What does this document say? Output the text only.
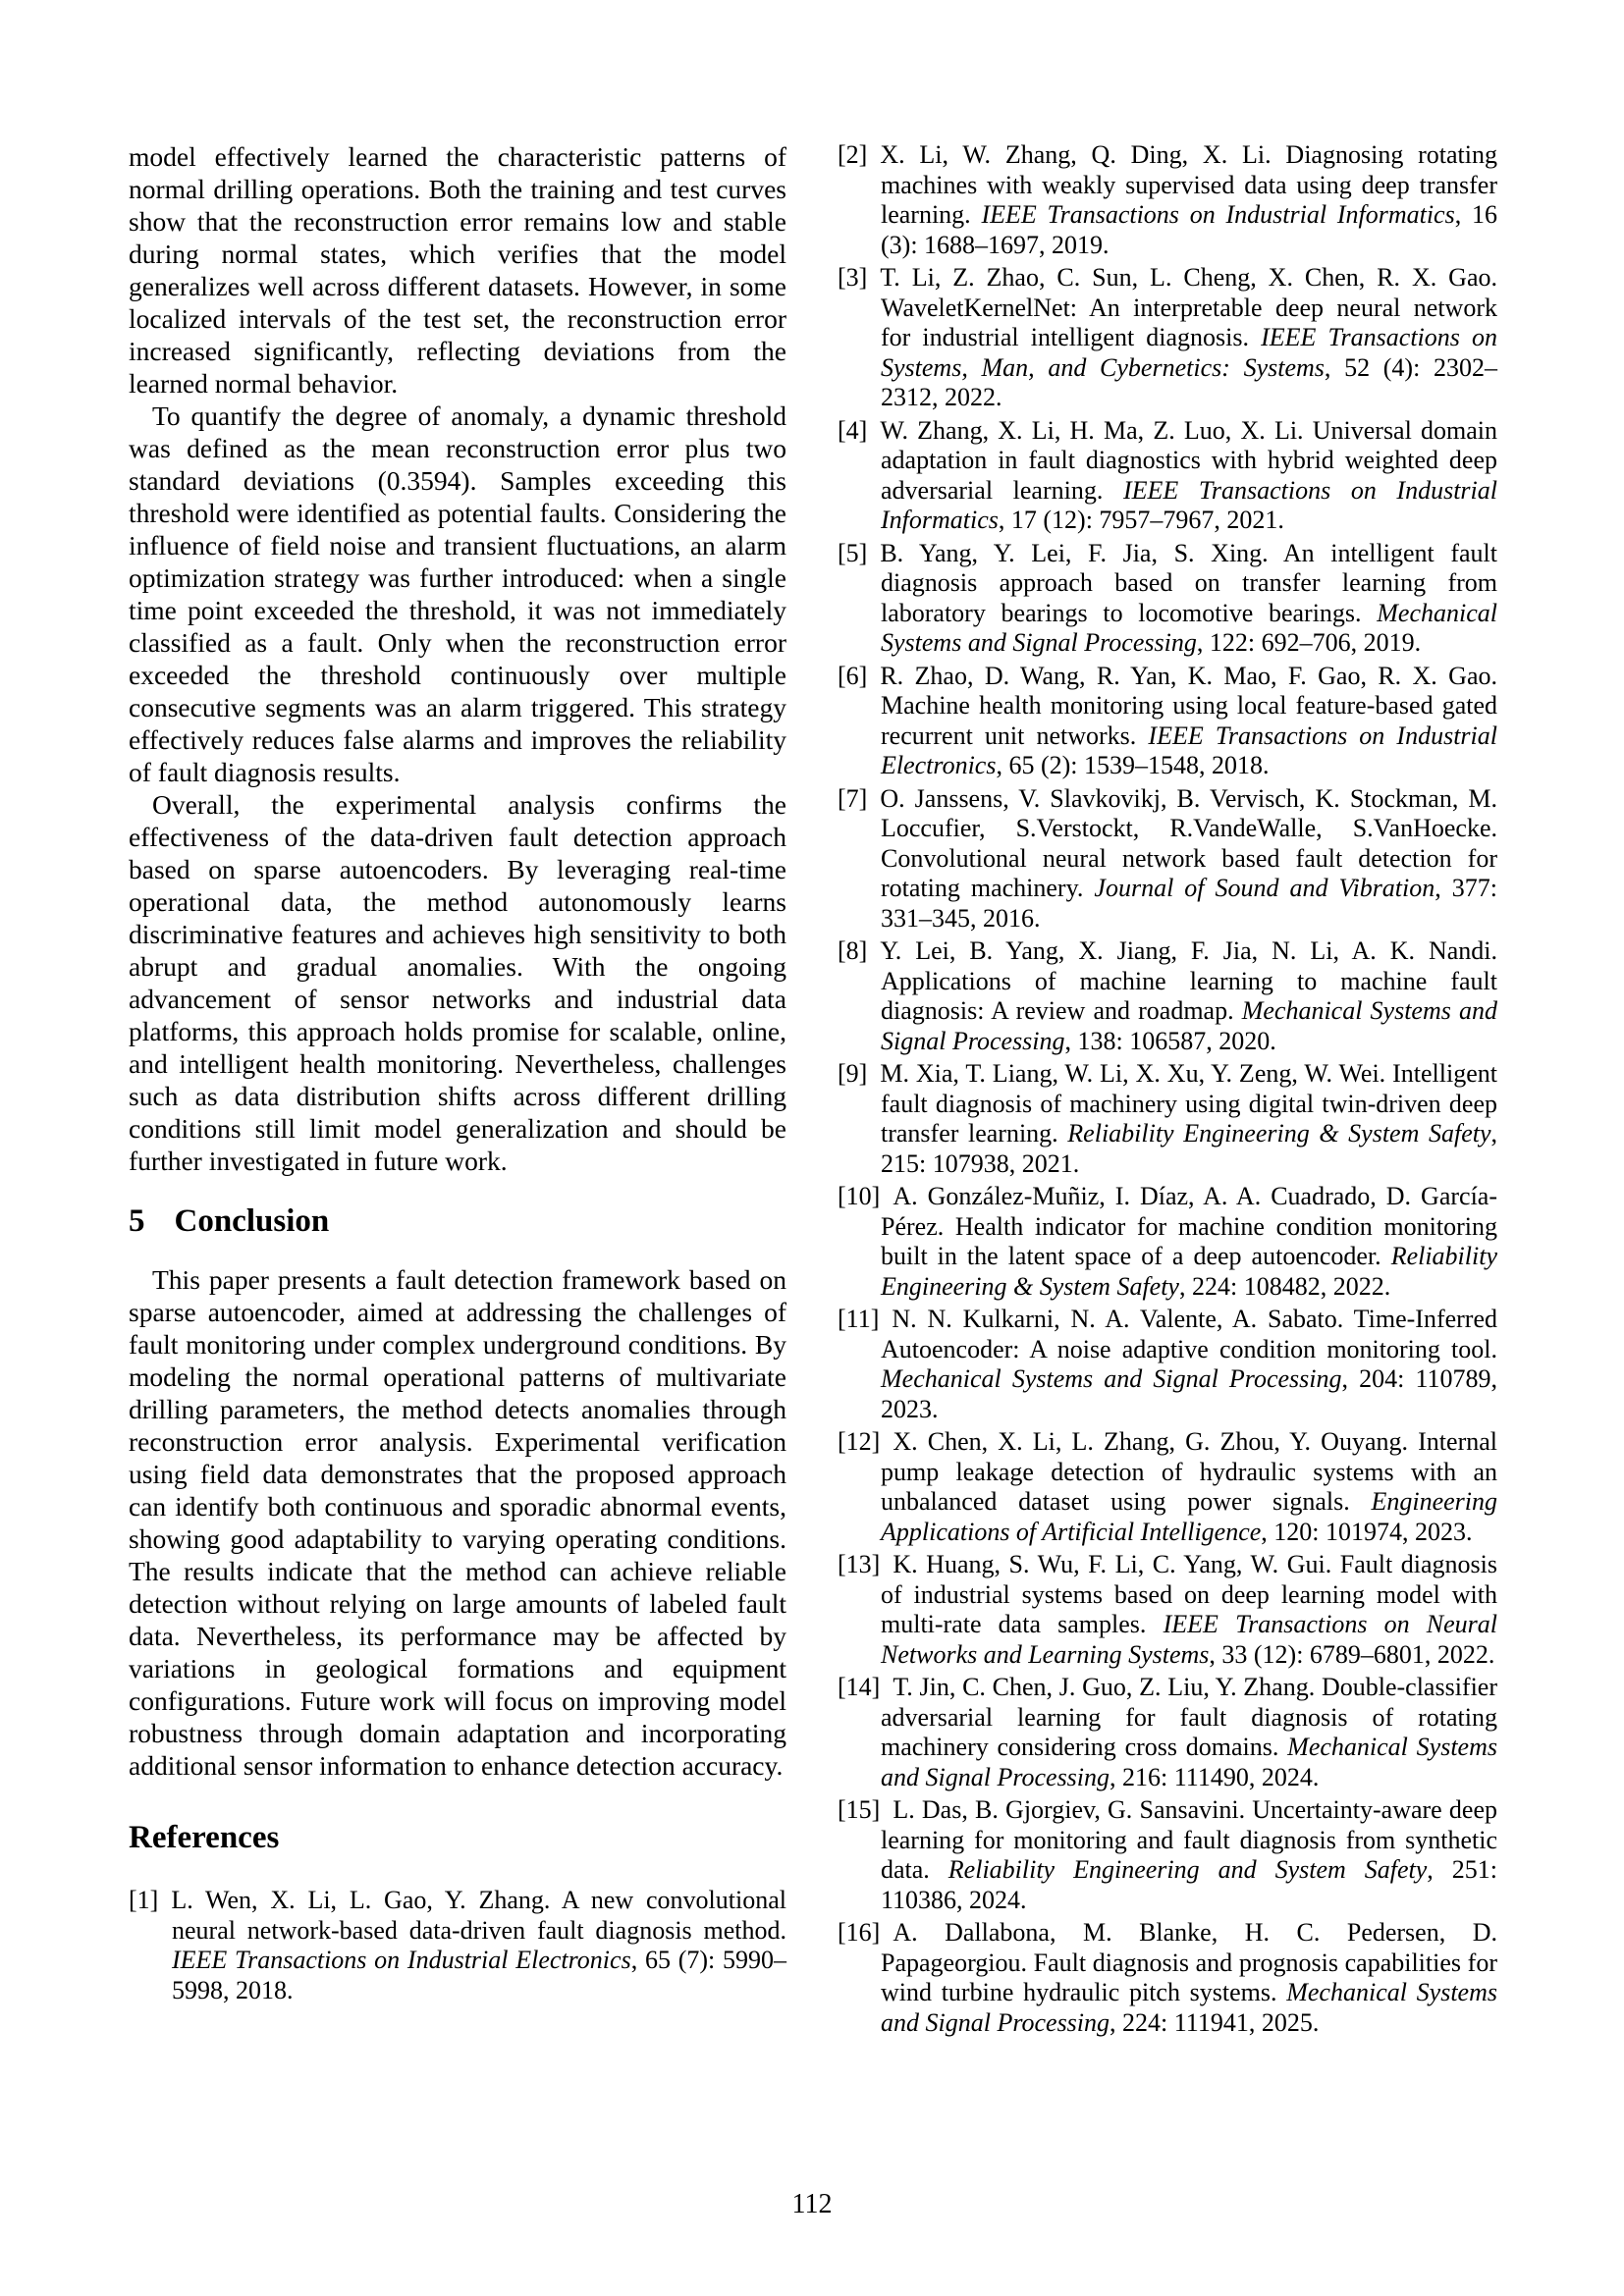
model effectively learned the characteristic patterns of normal drilling operations. Both the training and test curves show that the reconstruction error remains low and stable during normal states, which verifies that the model generalizes well across different datasets. However, in some localized intervals of the test set, the reconstruction error increased significantly, reflecting deviations from the learned normal behavior.

To quantify the degree of anomaly, a dynamic threshold was defined as the mean reconstruction error plus two standard deviations (0.3594). Samples exceeding this threshold were identified as potential faults. Considering the influence of field noise and transient fluctuations, an alarm optimization strategy was further introduced: when a single time point exceeded the threshold, it was not immediately classified as a fault. Only when the reconstruction error exceeded the threshold continuously over multiple consecutive segments was an alarm triggered. This strategy effectively reduces false alarms and improves the reliability of fault diagnosis results.

Overall, the experimental analysis confirms the effectiveness of the data-driven fault detection approach based on sparse autoencoders. By leveraging real-time operational data, the method autonomously learns discriminative features and achieves high sensitivity to both abrupt and gradual anomalies. With the ongoing advancement of sensor networks and industrial data platforms, this approach holds promise for scalable, online, and intelligent health monitoring. Nevertheless, challenges such as data distribution shifts across different drilling conditions still limit model generalization and should be further investigated in future work.

5 Conclusion

This paper presents a fault detection framework based on sparse autoencoder, aimed at addressing the challenges of fault monitoring under complex underground conditions. By modeling the normal operational patterns of multivariate drilling parameters, the method detects anomalies through reconstruction error analysis. Experimental verification using field data demonstrates that the proposed approach can identify both continuous and sporadic abnormal events, showing good adaptability to varying operating conditions. The results indicate that the method can achieve reliable detection without relying on large amounts of labeled fault data. Nevertheless, its performance may be affected by variations in geological formations and equipment configurations. Future work will focus on improving model robustness through domain adaptation and incorporating additional sensor information to enhance detection accuracy.

References
[1]  L. Wen, X. Li, L. Gao, Y. Zhang. A new convolutional neural network-based data-driven fault diagnosis method. IEEE Transactions on Industrial Electronics, 65 (7): 5990–5998, 2018.
[2]  X. Li, W. Zhang, Q. Ding, X. Li. Diagnosing rotating machines with weakly supervised data using deep transfer learning. IEEE Transactions on Industrial Informatics, 16 (3): 1688–1697, 2019.
[3]  T. Li, Z. Zhao, C. Sun, L. Cheng, X. Chen, R. X. Gao. WaveletKernelNet: An interpretable deep neural network for industrial intelligent diagnosis. IEEE Transactions on Systems, Man, and Cybernetics: Systems, 52 (4): 2302–2312, 2022.
[4]  W. Zhang, X. Li, H. Ma, Z. Luo, X. Li. Universal domain adaptation in fault diagnostics with hybrid weighted deep adversarial learning. IEEE Transactions on Industrial Informatics, 17 (12): 7957–7967, 2021.
[5]  B. Yang, Y. Lei, F. Jia, S. Xing. An intelligent fault diagnosis approach based on transfer learning from laboratory bearings to locomotive bearings. Mechanical Systems and Signal Processing, 122: 692–706, 2019.
[6]  R. Zhao, D. Wang, R. Yan, K. Mao, F. Gao, R. X. Gao. Machine health monitoring using local feature-based gated recurrent unit networks. IEEE Transactions on Industrial Electronics, 65 (2): 1539–1548, 2018.
[7]  O. Janssens, V. Slavkovikj, B. Vervisch, K. Stockman, M. Loccufier, S.Verstockt, R.VandeWalle, S.VanHoecke. Convolutional neural network based fault detection for rotating machinery. Journal of Sound and Vibration, 377: 331–345, 2016.
[8]  Y. Lei, B. Yang, X. Jiang, F. Jia, N. Li, A. K. Nandi. Applications of machine learning to machine fault diagnosis: A review and roadmap. Mechanical Systems and Signal Processing, 138: 106587, 2020.
[9]  M. Xia, T. Liang, W. Li, X. Xu, Y. Zeng, W. Wei. Intelligent fault diagnosis of machinery using digital twin-driven deep transfer learning. Reliability Engineering & System Safety, 215: 107938, 2021.
[10]  A. González-Muñiz, I. Díaz, A. A. Cuadrado, D. García-Pérez. Health indicator for machine condition monitoring built in the latent space of a deep autoencoder. Reliability Engineering & System Safety, 224: 108482, 2022.
[11]  N. N. Kulkarni, N. A. Valente, A. Sabato. Time-Inferred Autoencoder: A noise adaptive condition monitoring tool. Mechanical Systems and Signal Processing, 204: 110789, 2023.
[12]  X. Chen, X. Li, L. Zhang, G. Zhou, Y. Ouyang. Internal pump leakage detection of hydraulic systems with an unbalanced dataset using power signals. Engineering Applications of Artificial Intelligence, 120: 101974, 2023.
[13]  K. Huang, S. Wu, F. Li, C. Yang, W. Gui. Fault diagnosis of industrial systems based on deep learning model with multi-rate data samples. IEEE Transactions on Neural Networks and Learning Systems, 33 (12): 6789–6801, 2022.
[14]  T. Jin, C. Chen, J. Guo, Z. Liu, Y. Zhang. Double-classifier adversarial learning for fault diagnosis of rotating machinery considering cross domains. Mechanical Systems and Signal Processing, 216: 111490, 2024.
[15]  L. Das, B. Gjorgiev, G. Sansavini. Uncertainty-aware deep learning for monitoring and fault diagnosis from synthetic data. Reliability Engineering and System Safety, 251: 110386, 2024.
[16]  A. Dallabona, M. Blanke, H. C. Pedersen, D. Papageorgiou. Fault diagnosis and prognosis capabilities for wind turbine hydraulic pitch systems. Mechanical Systems and Signal Processing, 224: 111941, 2025.
112
